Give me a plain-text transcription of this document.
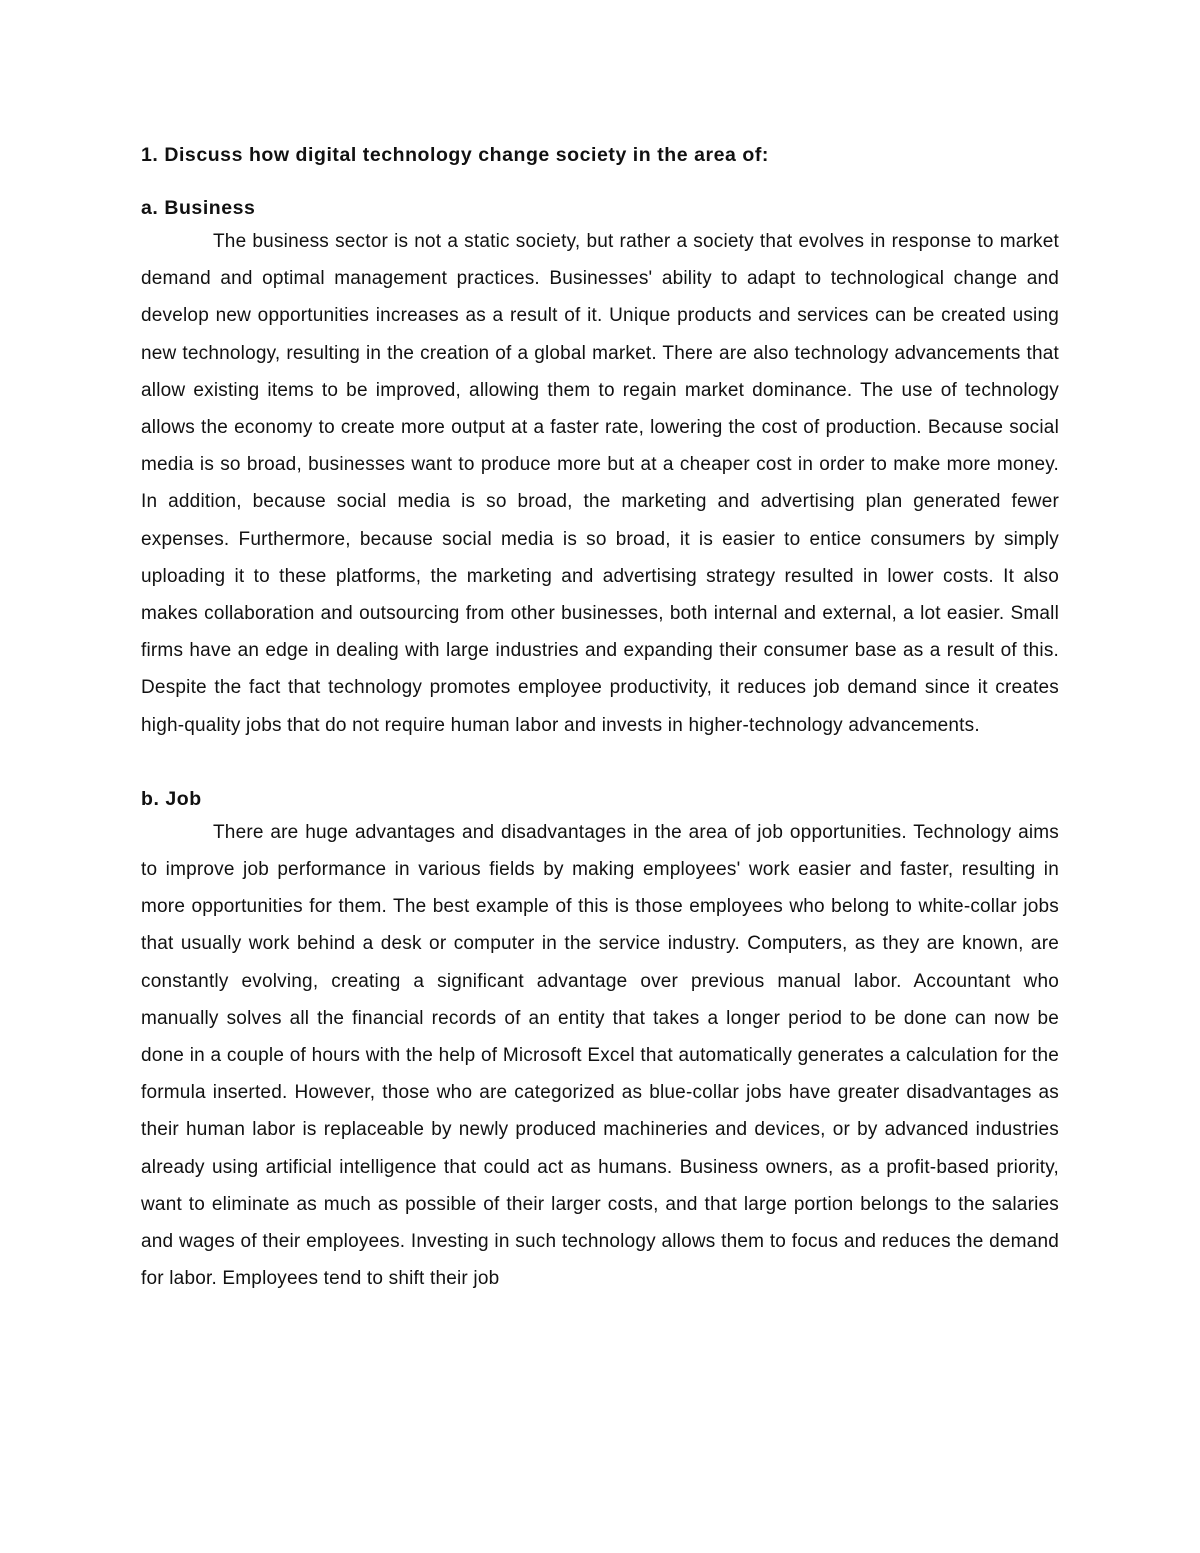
1. Discuss how digital technology change society in the area of:

a. Business

The business sector is not a static society, but rather a society that evolves in response to market demand and optimal management practices. Businesses' ability to adapt to technological change and develop new opportunities increases as a result of it. Unique products and services can be created using new technology, resulting in the creation of a global market. There are also technology advancements that allow existing items to be improved, allowing them to regain market dominance. The use of technology allows the economy to create more output at a faster rate, lowering the cost of production. Because social media is so broad, businesses want to produce more but at a cheaper cost in order to make more money. In addition, because social media is so broad, the marketing and advertising plan generated fewer expenses. Furthermore, because social media is so broad, it is easier to entice consumers by simply uploading it to these platforms, the marketing and advertising strategy resulted in lower costs. It also makes collaboration and outsourcing from other businesses, both internal and external, a lot easier. Small firms have an edge in dealing with large industries and expanding their consumer base as a result of this. Despite the fact that technology promotes employee productivity, it reduces job demand since it creates high-quality jobs that do not require human labor and invests in higher-technology advancements.

b. Job

There are huge advantages and disadvantages in the area of job opportunities. Technology aims to improve job performance in various fields by making employees' work easier and faster, resulting in more opportunities for them. The best example of this is those employees who belong to white-collar jobs that usually work behind a desk or computer in the service industry. Computers, as they are known, are constantly evolving, creating a significant advantage over previous manual labor. Accountant who manually solves all the financial records of an entity that takes a longer period to be done can now be done in a couple of hours with the help of Microsoft Excel that automatically generates a calculation for the formula inserted. However, those who are categorized as blue-collar jobs have greater disadvantages as their human labor is replaceable by newly produced machineries and devices, or by advanced industries already using artificial intelligence that could act as humans. Business owners, as a profit-based priority, want to eliminate as much as possible of their larger costs, and that large portion belongs to the salaries and wages of their employees. Investing in such technology allows them to focus and reduces the demand for labor. Employees tend to shift their job
